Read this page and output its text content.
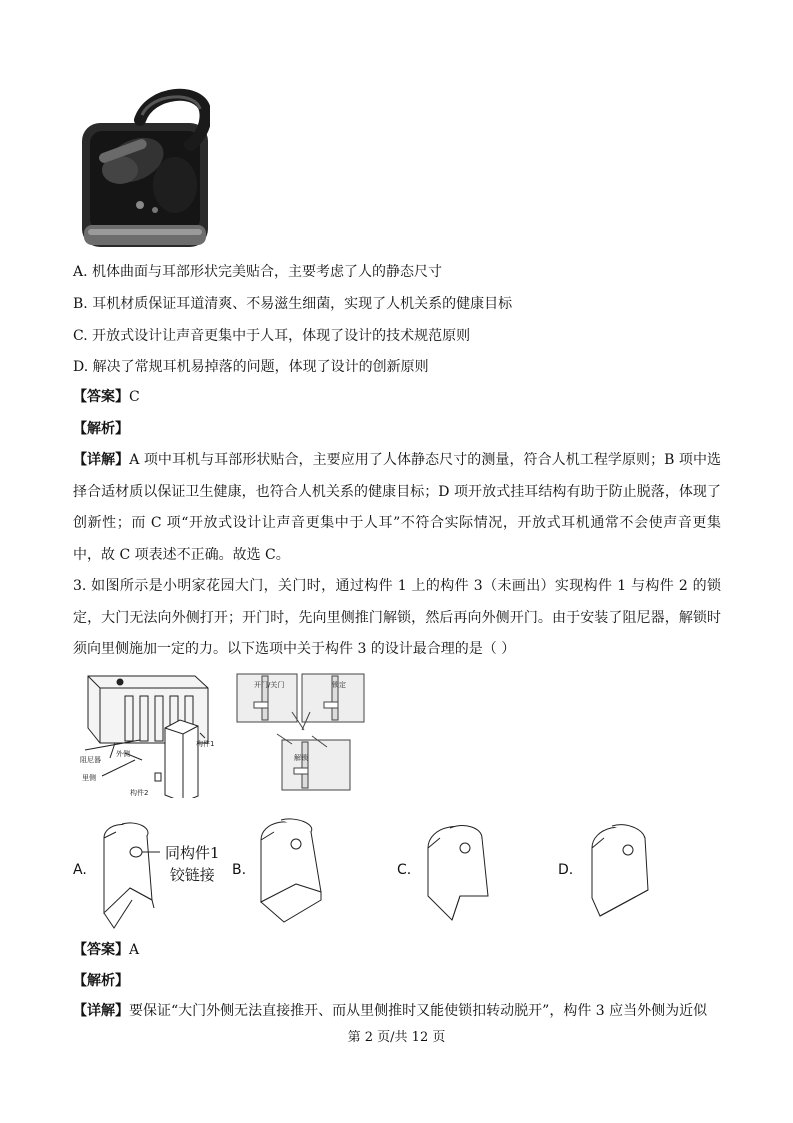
A. 机体曲面与耳部形状完美贴合，主要考虑了人的静态尺寸
B. 耳机材质保证耳道清爽、不易滋生细菌，实现了人机关系的健康目标
C. 开放式设计让声音更集中于人耳，体现了设计的技术规范原则
D. 解决了常规耳机易掉落的问题，体现了设计的创新原则
【答案】C
【解析】
【详解】A 项中耳机与耳部形状贴合，主要应用了人体静态尺寸的测量，符合人机工程学原则；B 项中选择合适材质以保证卫生健康，也符合人机关系的健康目标；D 项开放式挂耳结构有助于防止脱落，体现了创新性；而 C 项“开放式设计让声音更集中于人耳”不符合实际情况，开放式耳机通常不会使声音更集中，故 C 项表述不正确。故选 C。
3. 如图所示是小明家花园大门，关门时，通过构件 1 上的构件 3（未画出）实现构件 1 与构件 2 的锁定，大门无法向外侧打开；开门时，先向里侧推门解锁，然后再向外侧开门。由于安装了阻尼器，解锁时须向里侧施加一定的力。以下选项中关于构件 3 的设计最合理的是（ ）
阻尼器
外侧
里侧
构件1
构件2
开门/关门	锁定
解锁
A.
同构件1
铰链接	B.	C.	D.
【答案】A
【解析】
【详解】要保证“大门外侧无法直接推开、而从里侧推时又能使锁扣转动脱开”，构件 3 应当外侧为近似
第 2 页/共 12 页
